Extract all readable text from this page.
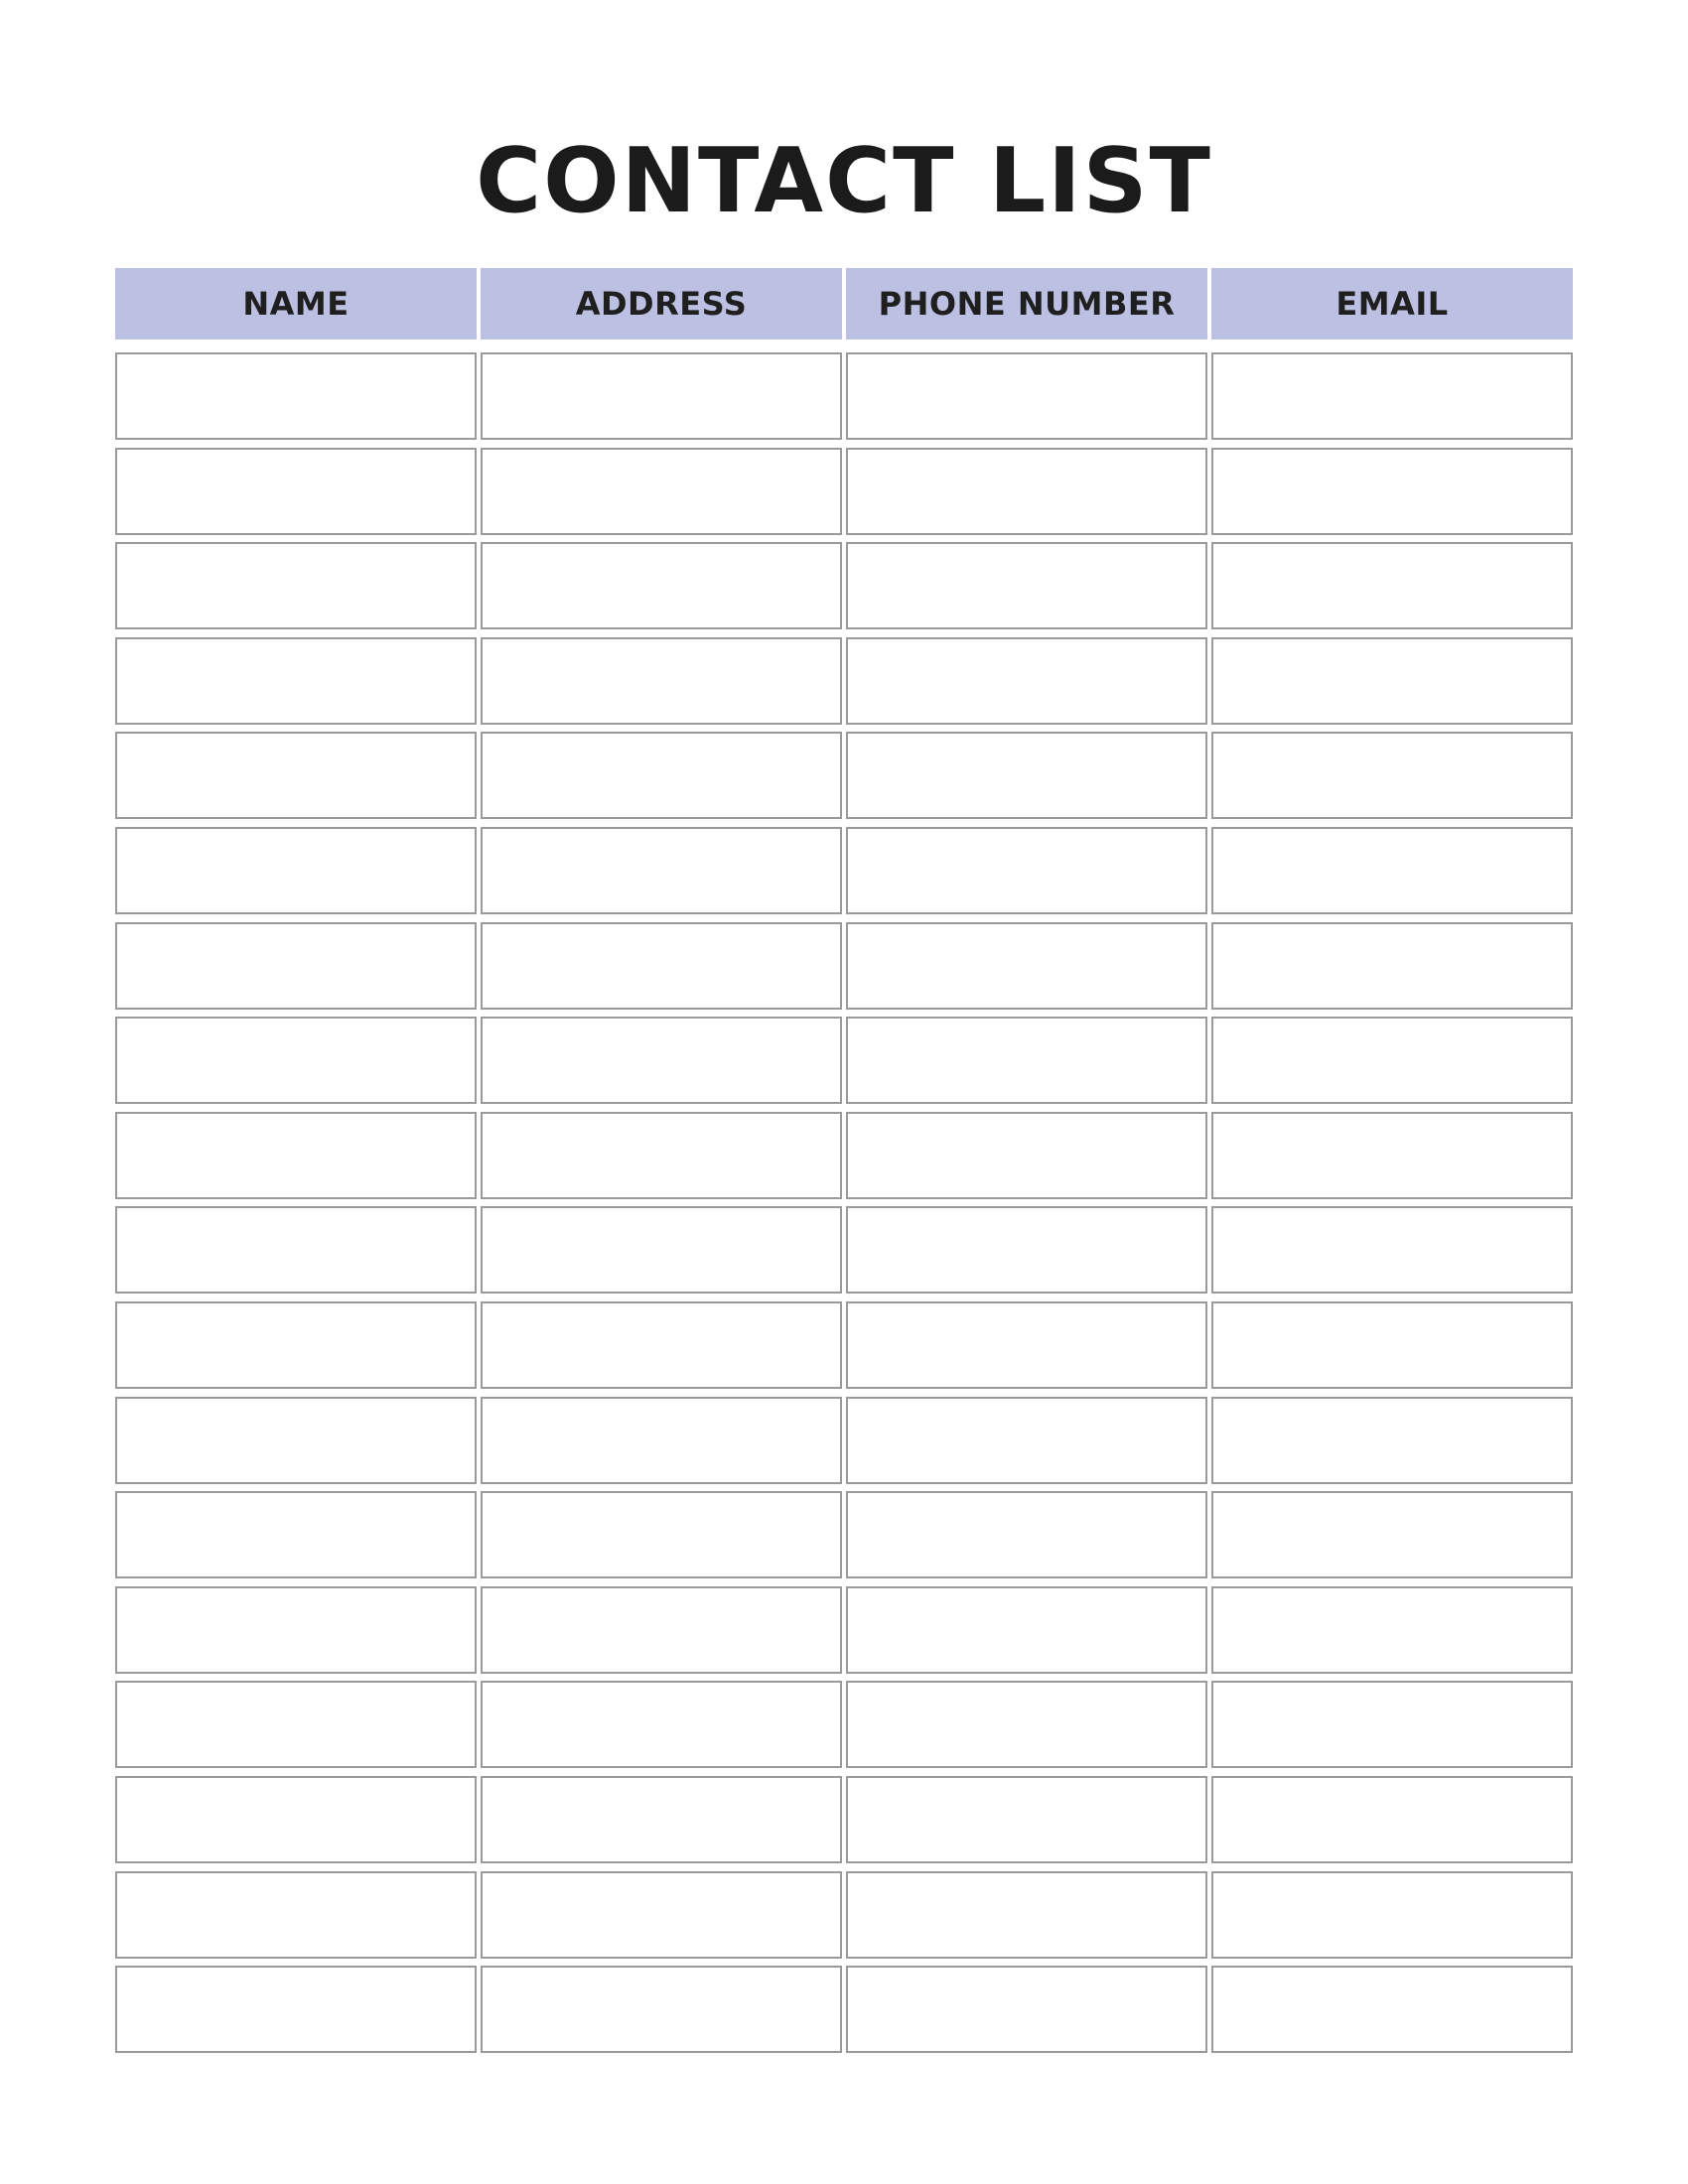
CONTACT LIST
NAME	ADDRESS	PHONE NUMBER	EMAIL
